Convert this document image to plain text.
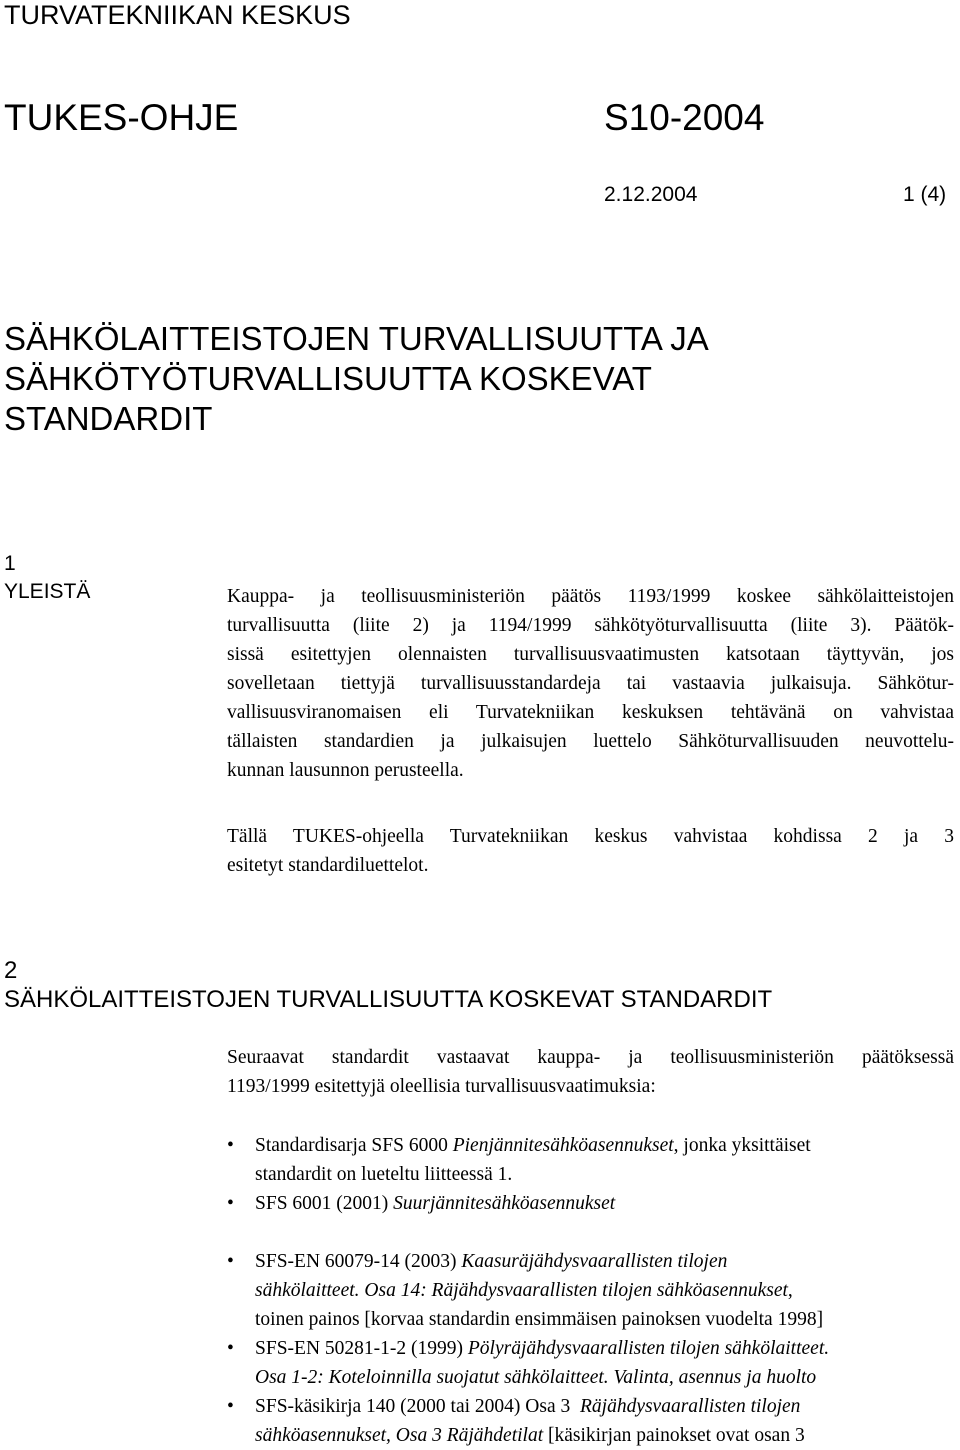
TURVATEKNIIKAN KESKUS
TUKES-OHJE	S10-2004
2.12.2004	1 (4)
SÄHKÖLAITTEISTOJEN TURVALLISUUTTA JA
SÄHKÖTYÖTURVALLISUUTTA KOSKEVAT
STANDARDIT
1
YLEISTÄ	Kauppa- ja teollisuusministeriön päätös 1193/1999 koskee sähkölaitteistojen
turvallisuutta (liite 2) ja 1194/1999 sähkötyöturvallisuutta (liite 3). Päätök-
sissä esitettyjen olennaisten turvallisuusvaatimusten katsotaan täyttyvän, jos
sovelletaan tiettyjä turvallisuusstandardeja tai vastaavia julkaisuja. Sähkötur-
vallisuusviranomaisen eli Turvatekniikan keskuksen tehtävänä on vahvistaa
tällaisten standardien ja julkaisujen luettelo Sähköturvallisuuden neuvottelu-
kunnan lausunnon perusteella.
Tällä TUKES-ohjeella Turvatekniikan keskus vahvistaa kohdissa 2 ja 3
esitetyt standardiluettelot.
2
SÄHKÖLAITTEISTOJEN TURVALLISUUTTA KOSKEVAT STANDARDIT
Seuraavat standardit vastaavat kauppa- ja teollisuusministeriön päätöksessä
1193/1999 esitettyjä oleellisia turvallisuusvaatimuksia:
• Standardisarja SFS 6000 Pienjännitesähköasennukset, jonka yksittäiset
standardit on lueteltu liitteessä 1.
• SFS 6001 (2001) Suurjännitesähköasennukset
• SFS-EN 60079-14 (2003) Kaasuräjähdysvaarallisten tilojen
sähkölaitteet. Osa 14: Räjähdysvaarallisten tilojen sähköasennukset,
toinen painos [korvaa standardin ensimmäisen painoksen vuodelta 1998]
• SFS-EN 50281-1-2 (1999) Pölyräjähdysvaarallisten tilojen sähkölaitteet.
Osa 1-2: Koteloinnilla suojatut sähkölaitteet. Valinta, asennus ja huolto
• SFS-käsikirja 140 (2000 tai 2004) Osa 3  Räjähdysvaarallisten tilojen
sähköasennukset, Osa 3 Räjähdetilat [käsikirjan painokset ovat osan 3
